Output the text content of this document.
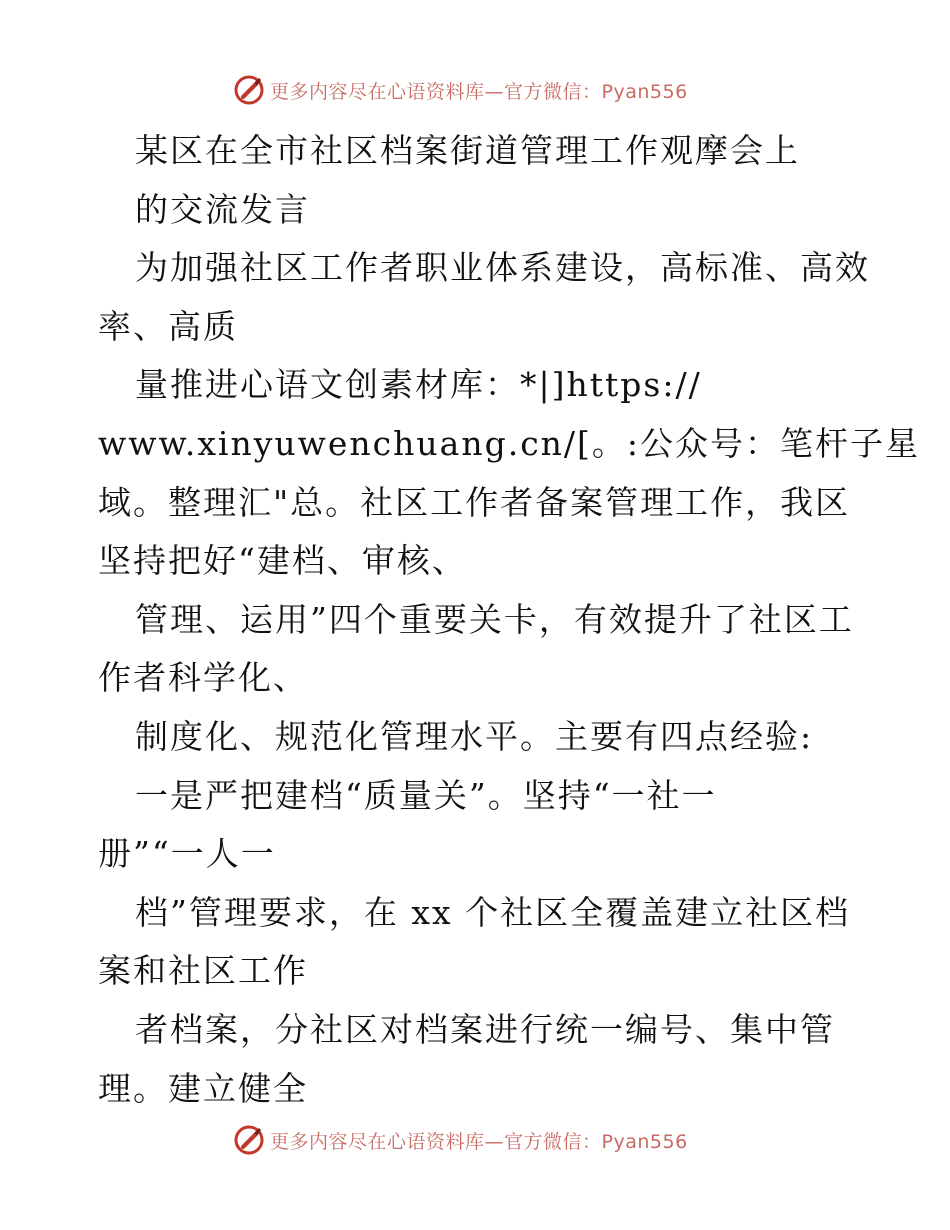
更多内容尽在心语资料库—官方微信：Pyan556
某区在全市社区档案街道管理工作观摩会上
的交流发言
为加强社区工作者职业体系建设，高标准、高效
率、高质
量推进心语文创素材库：*|]https://
www.xinyuwenchuang.cn/[。:公众号：笔杆子星
域。整理汇"总。社区工作者备案管理工作，我区
坚持把好“建档、审核、
管理、运用”四个重要关卡，有效提升了社区工
作者科学化、
制度化、规范化管理水平。主要有四点经验:
一是严把建档“质量关”。坚持“一社一
册”“一人一
档”管理要求，在 xx 个社区全覆盖建立社区档
案和社区工作
者档案，分社区对档案进行统一编号、集中管
理。建立健全
更多内容尽在心语资料库—官方微信：Pyan556
